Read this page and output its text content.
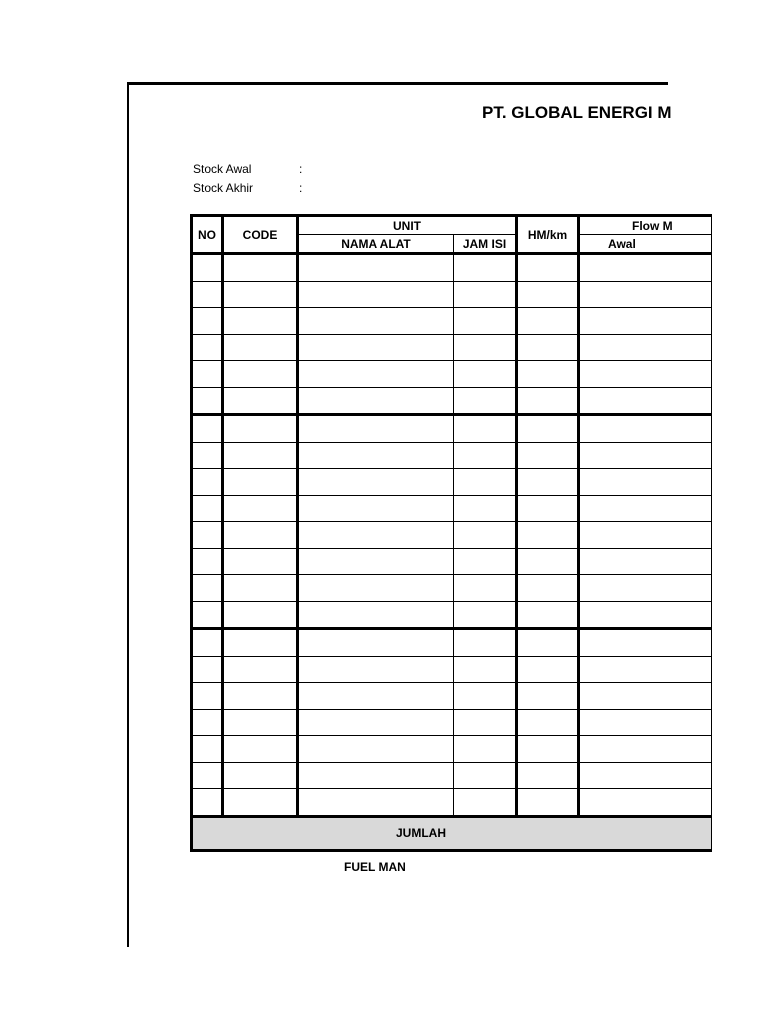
PT. GLOBAL ENERGI M
Stock Awal	:
Stock Akhir	:
NO	CODE	UNIT		HM/km	Flow M
		NAMA ALAT	JAM ISI		Awal

JUMLAH					
FUEL MAN
